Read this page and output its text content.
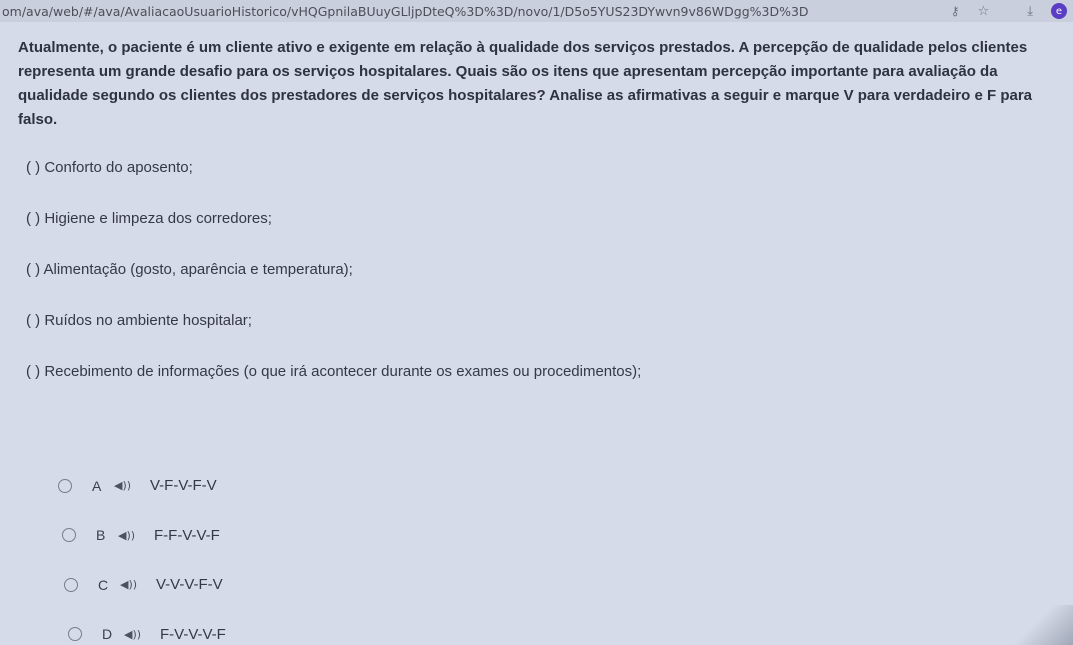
om/ava/web/#/ava/AvaliacaoUsuarioHistorico/vHQGpnilaBUuyGLljpDteQ%3D%3D/novo/1/D5o5YUS23DYwvn9v86WDgg%3D%3D	⚷ ☆	⤓	e
Atualmente, o paciente é um cliente ativo e exigente em relação à qualidade dos serviços prestados. A percepção de qualidade pelos clientes representa um grande desafio para os serviços hospitalares. Quais são os itens que apresentam percepção importante para avaliação da qualidade segundo os clientes dos prestadores de serviços hospitalares? Analise as afirmativas a seguir e marque V para verdadeiro e F para falso.
( ) Conforto do aposento;
( ) Higiene e limpeza dos corredores;
( ) Alimentação (gosto, aparência e temperatura);
( ) Ruídos no ambiente hospitalar;
( ) Recebimento de informações (o que irá acontecer durante os exames ou procedimentos);
A	◀))	V-F-V-F-V
B	◀))	F-F-V-V-F
C	◀))	V-V-V-F-V
D	◀))	F-V-V-V-F
